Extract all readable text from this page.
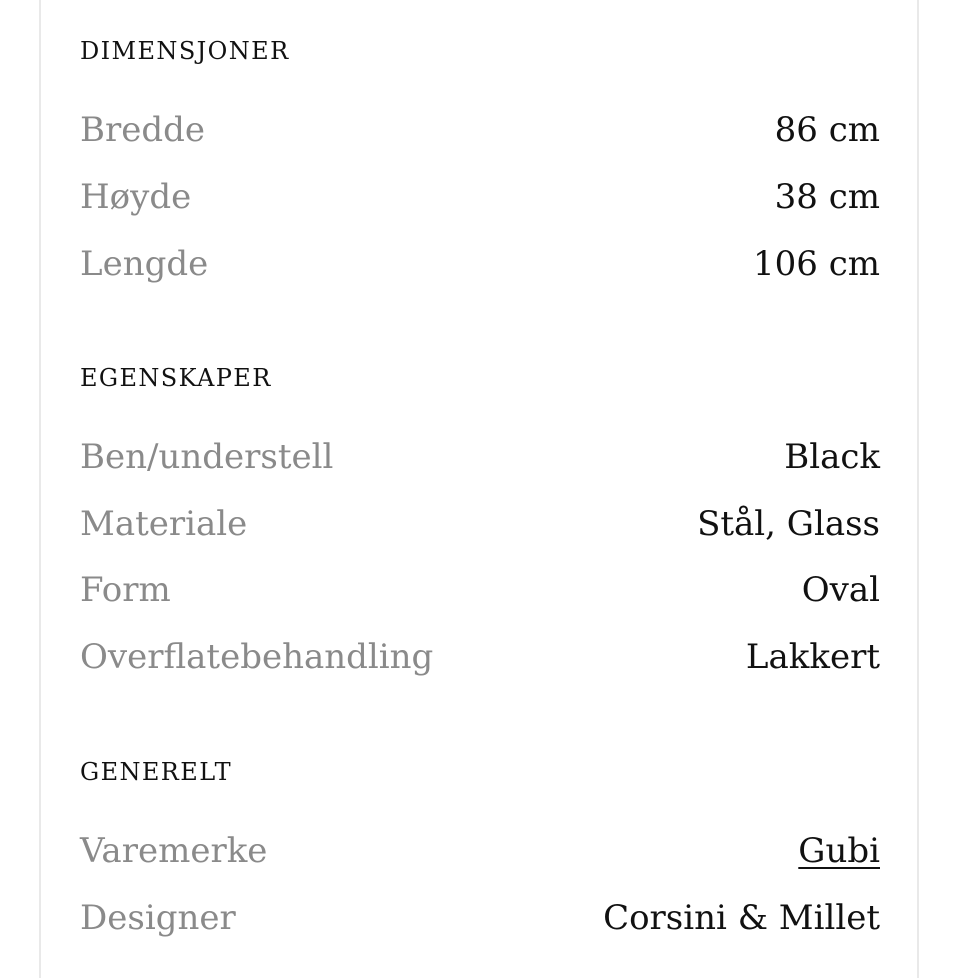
DIMENSJONER
Bredde	86 cm
Høyde	38 cm
Lengde	106 cm
EGENSKAPER
Ben/understell	Black
Materiale	Stål, Glass
Form	Oval
Overflatebehandling	Lakkert
GENERELT
Varemerke	Gubi
Designer	Corsini & Millet
